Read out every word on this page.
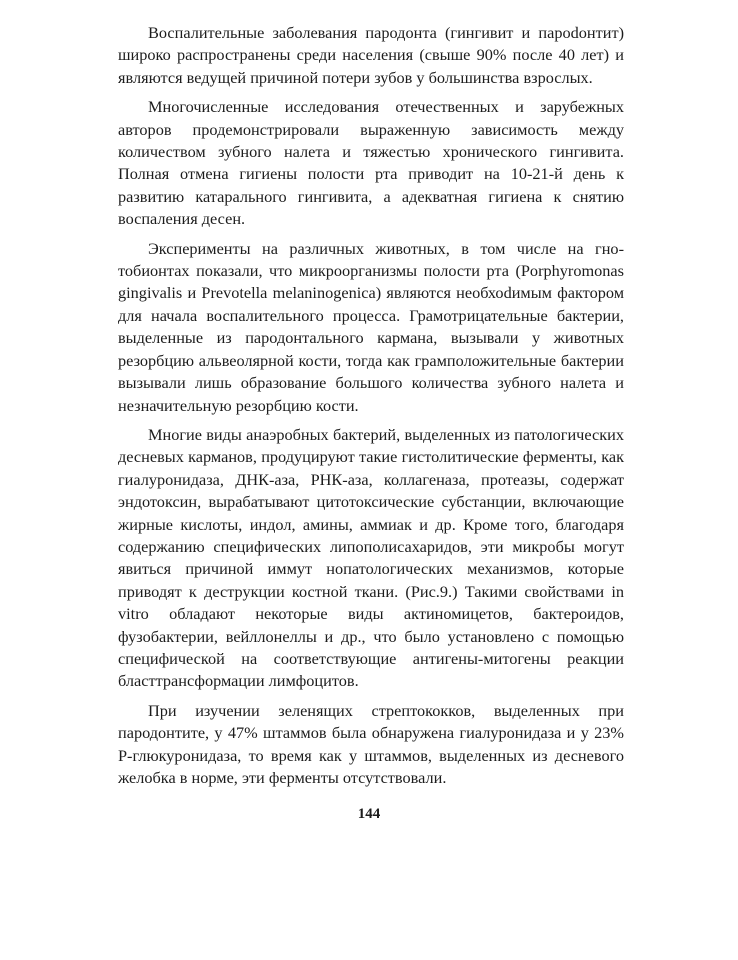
Воспалительные заболевания пародонта (гингивит и пароdонтит) широко распространены среди населения (свыше 90% после 40 лет) и являются ведущей причиной потери зубов у большинства взрослых.

Многочисленные исследования отечественных и зарубежных авторов продемонстрировали выраженную зависимость между количеством зубного налета и тяжестью хронического гингивита. Полная отмена гигиены полости рта приводит на 10-21-й день к развитию катарального гингивита, а адекватная гигиена к снятию воспаления десен.

Эксперименты на различных животных, в том числе на гнотобионтах показали, что микроорганизмы полости рта (Porphyromonas gingivalis и Prevotella melaninogenica) являются необхоdимым фактором для начала воспалительного процесса. Грамотрицательные бактерии, выделенные из пародонтального кармана, вызывали у животных резорбцию альвеолярной кости, тогда как грамположительные бактерии вызывали лишь образование большого количества зубного налета и незначительную резорбцию кости.

Многие виды анаэробных бактерий, выделенных из патологических десневых карманов, продуцируют такие гистолитические ферменты, как гиалуронидаза, ДНК-аза, РНК-аза, коллагеназа, протеазы, содержат эндотоксин, вырабатывают цитотоксические субстанции, включающие жирные кислоты, индол, амины, аммиак и др. Кроме того, благодаря содержанию специфических липополисахаридов, эти микробы могут явиться причиной иммут нопатологических механизмов, которые приводят к деструкции костной ткани. (Рис.9.) Такими свойствами in vitro обладают некоторые виды актиномицетов, бактероидов, фузобактерии, вейллонеллы и др., что было установлено с помощью специфической на соответствующие антигены-митогены реакции бласттрансформации лимфоцитов.

При изучении зеленящих стрептококков, выделенных при пародонтите, у 47% штаммов была обнаружена гиалуронидаза и у 23% Р-глюкуронидаза, то время как у штаммов, выделенных из десневого желобка в норме, эти ферменты отсутствовали.

144
